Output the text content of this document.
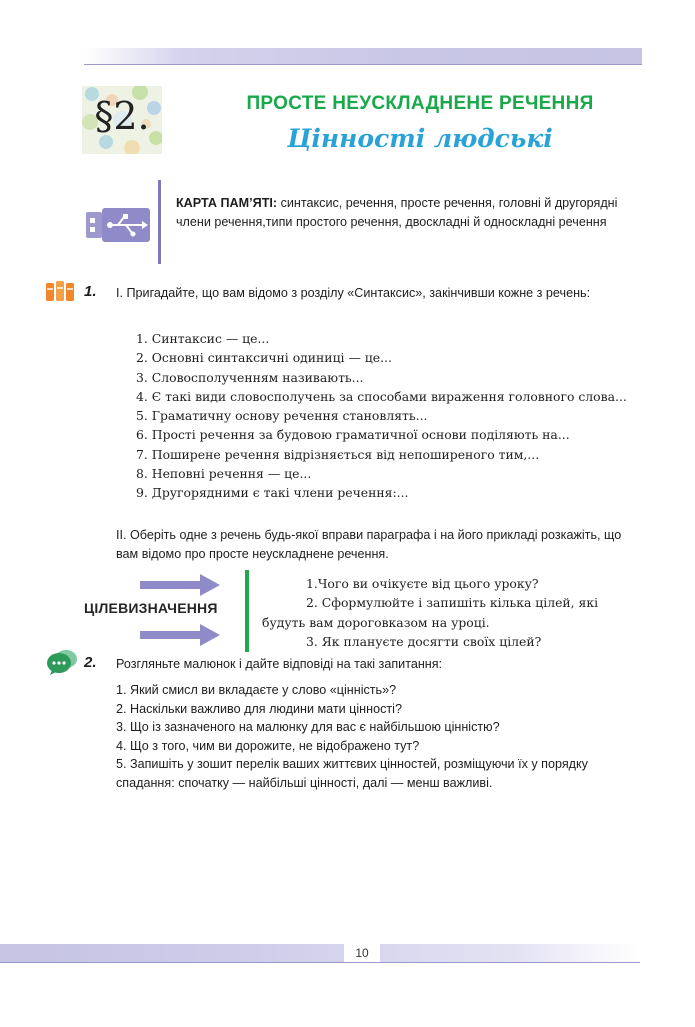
§2.	ПРОСТЕ НЕУСКЛАДНЕНЕ РЕЧЕННЯ
Цінності людські
КАРТА ПАМ’ЯТІ: синтаксис, речення, просте речення, головні й другорядні члени речення,типи простого речення, двоскладні й односкладні речення
1. І. Пригадайте, що вам відомо з розділу «Синтаксис», закінчивши кожне з речень:
1. Синтаксис — це...
2. Основні синтаксичні одиниці — це...
3. Словосполученням називають...
4. Є такі види словосполучень за способами вираження головного слова...
5. Граматичну основу речення становлять...
6. Прості речення за будовою граматичної основи поділяють на...
7. Поширене речення відрізняється від непоширеного тим,...
8. Неповні речення — це...
9. Другорядними є такі члени речення:...
ІІ. Оберіть одне з речень будь-якої вправи параграфа і на його прикладі розкажіть, що вам відомо про просте неускладнене речення.
ЦІЛЕВИЗНАЧЕННЯ
1.Чого ви очікуєте від цього уроку?
2. Сформулюйте і запишіть кілька цілей, які будуть вам дороговказом на уроці.
3. Як плануєте досягти своїх цілей?
2. Розгляньте малюнок і дайте відповіді на такі запитання:
1. Який смисл ви вкладаєте у слово «цінність»?
2. Наскільки важливо для людини мати цінності?
3. Що із зазначеного на малюнку для вас є найбільшою цінністю?
4. Що з того, чим ви дорожите, не відображено тут?
5. Запишіть у зошит перелік ваших життєвих цінностей, розміщуючи їх у порядку спадання: спочатку — найбільші цінності, далі — менш важливі.
10
